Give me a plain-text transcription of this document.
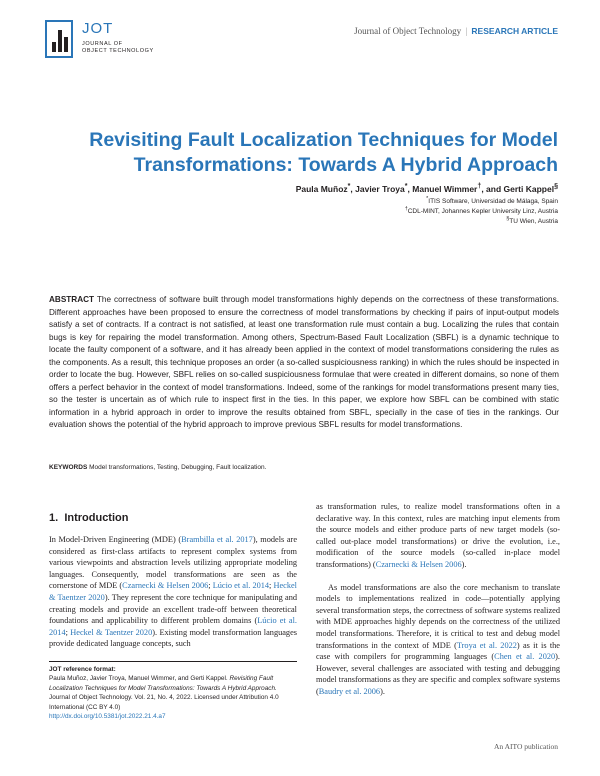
JOT
JOURNAL OF
OBJECT TECHNOLOGY
Journal of Object Technology | RESEARCH ARTICLE
Revisiting Fault Localization Techniques for Model
Transformations: Towards A Hybrid Approach
Paula Muñoz*, Javier Troya*, Manuel Wimmer†, and Gerti Kappel§
*ITIS Software, Universidad de Málaga, Spain
†CDL-MINT, Johannes Kepler University Linz, Austria
§TU Wien, Austria
ABSTRACT The correctness of software built through model transformations highly depends on the correctness of these transformations. Different approaches have been proposed to ensure the correctness of model transformations by checking if pairs of input-output models satisfy a set of contracts. If a contract is not satisfied, at least one transformation rule must contain a bug. Localizing the rules that contain bugs is key for repairing the model transformation. Among others, Spectrum-Based Fault Localization (SBFL) is a dynamic technique to locate the faulty component of a software, and it has already been applied in the context of model transformations considering the rules as the components. As a result, this technique proposes an order (a so-called suspiciousness ranking) in which the rules should be inspected in order to locate the bug. However, SBFL relies on so-called suspiciousness formulae that were created in different domains, so none of them offers a perfect behavior in the context of model transformations. Indeed, some of the rankings for model transformations present many ties, so the tester is uncertain as of which rule to inspect first in the ties. In this paper, we explore how SBFL can be combined with static information in a hybrid approach in order to improve the results obtained from SBFL, specially in the case of ties in the rankings. Our evaluation shows the potential of the hybrid approach to improve previous SBFL results for model transformations.
KEYWORDS Model transformations, Testing, Debugging, Fault localization.
1. Introduction
In Model-Driven Engineering (MDE) (Brambilla et al. 2017), models are considered as first-class artifacts to represent complex systems from various viewpoints and abstraction levels utilizing appropriate modeling languages. Consequently, model transformations are seen as the cornerstone of MDE (Czarnecki & Helsen 2006; Lúcio et al. 2014; Heckel & Taentzer 2020). They represent the core technique for manipulating and creating models and provide an excellent trade-off between theoretical foundations and applicability to different problem domains (Lúcio et al. 2014; Heckel & Taentzer 2020). Existing model transformation languages provide dedicated language concepts, such

as transformation rules, to realize model transformations often in a declarative way. In this context, rules are matching input elements from the source models and either produce parts of new target models (so-called out-place model transformations) or drive the evolution, i.e., modification of the source models (so-called in-place model transformations) (Czarnecki & Helsen 2006).

As model transformations are also the core mechanism to translate models to implementations realized in code—potentially applying several transformation steps, the correctness of software systems realized with MDE approaches highly depends on the correctness of the utilized model transformations. Therefore, it is critical to test and debug model transformations in the context of MDE (Troya et al. 2022) as it is the case with compilers for programming languages (Chen et al. 2020). However, several challenges are associated with testing and debugging model transformations as they are specific and complex software systems (Baudry et al. 2006).

JOT reference format:
Paula Muñoz, Javier Troya, Manuel Wimmer, and Gerti Kappel. Revisiting Fault Localization Techniques for Model Transformations: Towards A Hybrid Approach. Journal of Object Technology. Vol. 21, No. 4, 2022. Licensed under Attribution 4.0 International (CC BY 4.0)
http://dx.doi.org/10.5381/jot.2022.21.4.a7
An AITO publication
